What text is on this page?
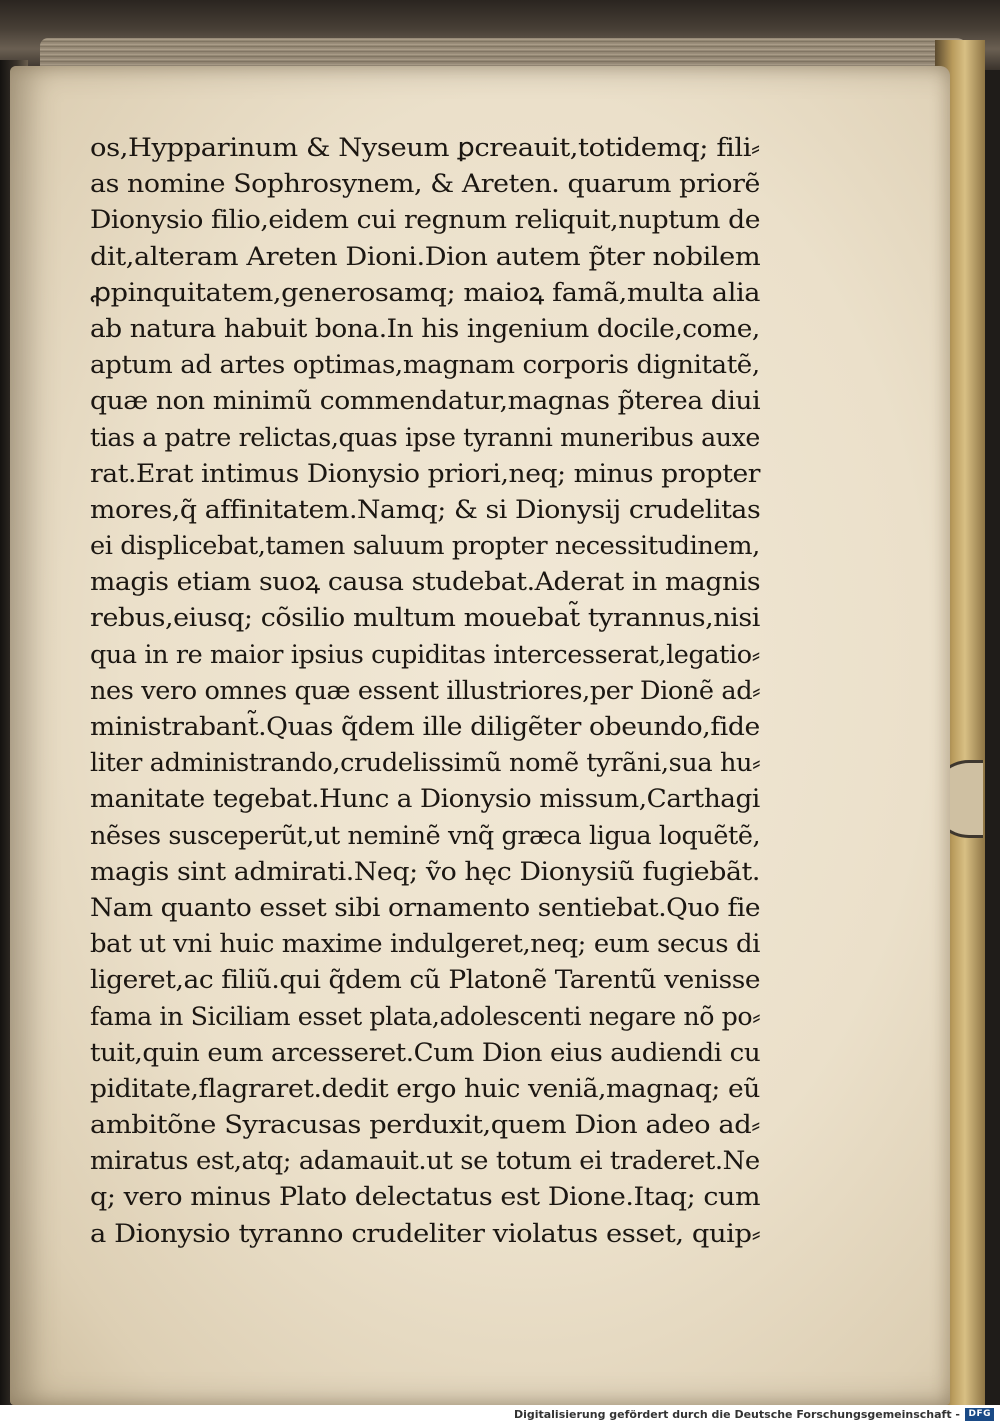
os,Hypparinum & Nyseum ꝑcreauit,totidemq; fili⸗
as nomine Sophrosynem, & Areten. quarum priorẽ
Dionysio filio,eidem cui regnum reliquit,nuptum de
dit,alteram Areten Dioni.Dion autem p̃ter nobilem
ꝓpinquitatem,generosamq; maioꝝ famã,multa alia
ab natura habuit bona.In his ingenium docile,come,
aptum ad artes optimas,magnam corporis dignitatẽ,
quæ non minimũ commendatur,magnas p̃terea diui
tias a patre relictas,quas ipse tyranni muneribus auxe
rat.Erat intimus Dionysio priori,neq; minus propter
mores,q̃ affinitatem.Namq; & si Dionysij crudelitas
ei displicebat,tamen saluum propter necessitudinem,
magis etiam suoꝝ causa studebat.Aderat in magnis
rebus,eiusq; cõsilio multum mouebat̃ tyrannus,nisi
qua in re maior ipsius cupiditas intercesserat,legatio⸗
nes vero omnes quæ essent illustriores,per Dionẽ ad⸗
ministrabant̃.Quas q̃dem ille diligẽter obeundo,fide
liter administrando,crudelissimũ nomẽ tyrãni,sua hu⸗
manitate tegebat.Hunc a Dionysio missum,Carthagi
nẽses susceperũt,ut neminẽ vnq̃ græca ligua loquẽtẽ,
magis sint admirati.Neq; ṽo hęc Dionysiũ fugiebãt.
Nam quanto esset sibi ornamento sentiebat.Quo fie
bat ut vni huic maxime indulgeret,neq; eum secus di
ligeret,ac filiũ.qui q̃dem cũ Platonẽ Tarentũ venisse
fama in Siciliam esset plata,adolescenti negare nõ po⸗
tuit,quin eum arcesseret.Cum Dion eius audiendi cu
piditate,flagraret.dedit ergo huic veniã,magnaq; eũ
ambitõne Syracusas perduxit,quem Dion adeo ad⸗
miratus est,atq; adamauit.ut se totum ei traderet.Ne
q; vero minus Plato delectatus est Dione.Itaq; cum
a Dionysio tyranno crudeliter violatus esset, quip⸗
Digitalisierung gefördert durch die Deutsche Forschungsgemeinschaft - DFG
